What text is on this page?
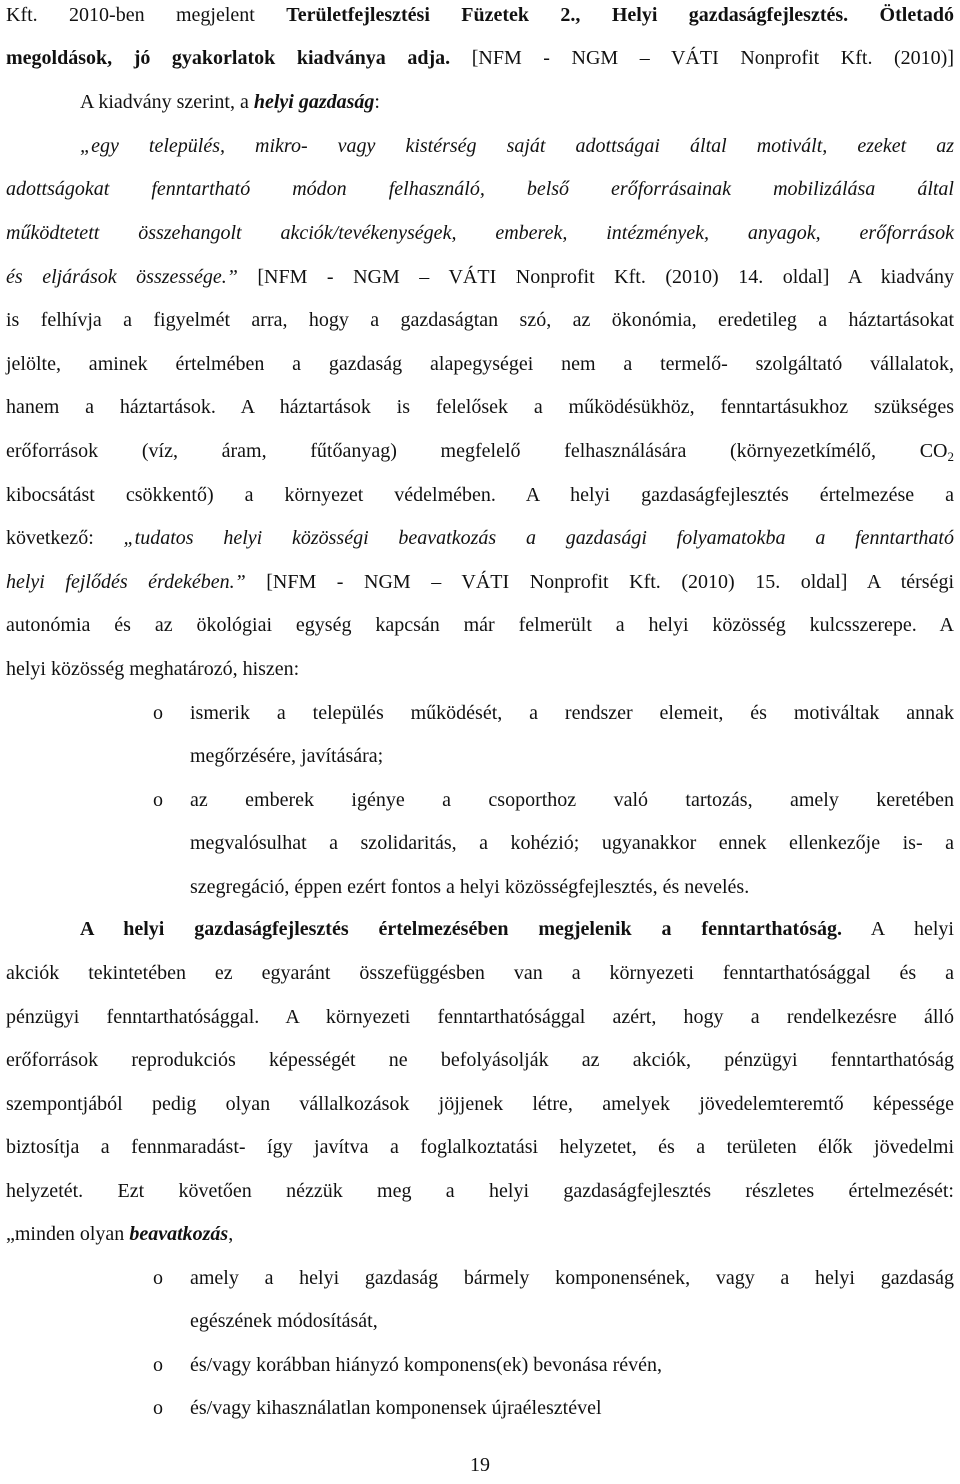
Kft. 2010-ben megjelent Területfejlesztési Füzetek 2., Helyi gazdaságfejlesztés. Ötletadó
megoldások, jó gyakorlatok kiadványa adja. [NFM - NGM – VÁTI Nonprofit Kft. (2010)]
A kiadvány szerint, a helyi gazdaság:
„egy település, mikro- vagy kistérség saját adottságai által motivált, ezeket az
adottságokat fenntartható módon felhasználó, belső erőforrásainak mobilizálása által
működtetett összehangolt akciók/tevékenységek, emberek, intézmények, anyagok, erőforrások
és eljárások összessége.” [NFM - NGM – VÁTI Nonprofit Kft. (2010) 14. oldal] A kiadvány
is felhívja a figyelmét arra, hogy a gazdaságtan szó, az ökonómia, eredetileg a háztartásokat
jelölte, aminek értelmében a gazdaság alapegységei nem a termelő- szolgáltató vállalatok,
hanem a háztartások. A háztartások is felelősek a működésükhöz, fenntartásukhoz szükséges
erőforrások (víz, áram, fűtőanyag) megfelelő felhasználására (környezetkímélő, $CO_2$
kibocsátást csökkentő) a környezet védelmében. A helyi gazdaságfejlesztés értelmezése a
következő: „tudatos helyi közösségi beavatkozás a gazdasági folyamatokba a fenntartható
helyi fejlődés érdekében.” [NFM - NGM – VÁTI Nonprofit Kft. (2010) 15. oldal] A térségi
autonómia és az ökológiai egység kapcsán már felmerült a helyi közösség kulcsszerepe. A
helyi közösség meghatározó, hiszen:
o ismerik a település működését, a rendszer elemeit, és motiváltak annak
megőrzésére, javítására;
o az emberek igénye a csoporthoz való tartozás, amely keretében
megvalósulhat a szolidaritás, a kohézió; ugyanakkor ennek ellenkezője is- a
szegregáció, éppen ezért fontos a helyi közösségfejlesztés, és nevelés.
A helyi gazdaságfejlesztés értelmezésében megjelenik a fenntarthatóság. A helyi
akciók tekintetében ez egyaránt összefüggésben van a környezeti fenntarthatósággal és a
pénzügyi fenntarthatósággal. A környezeti fenntarthatósággal azért, hogy a rendelkezésre álló
erőforrások reprodukciós képességét ne befolyásolják az akciók, pénzügyi fenntarthatóság
szempontjából pedig olyan vállalkozások jöjjenek létre, amelyek jövedelemteremtő képessége
biztosítja a fennmaradást- így javítva a foglalkoztatási helyzetet, és a területen élők jövedelmi
helyzetét. Ezt követően nézzük meg a helyi gazdaságfejlesztés részletes értelmezését:
„minden olyan beavatkozás,
o amely a helyi gazdaság bármely komponensének, vagy a helyi gazdaság
egészének módosítását,
o és/vagy korábban hiányzó komponens(ek) bevonása révén,
o és/vagy kihasználatlan komponensek újraélesztével
19
